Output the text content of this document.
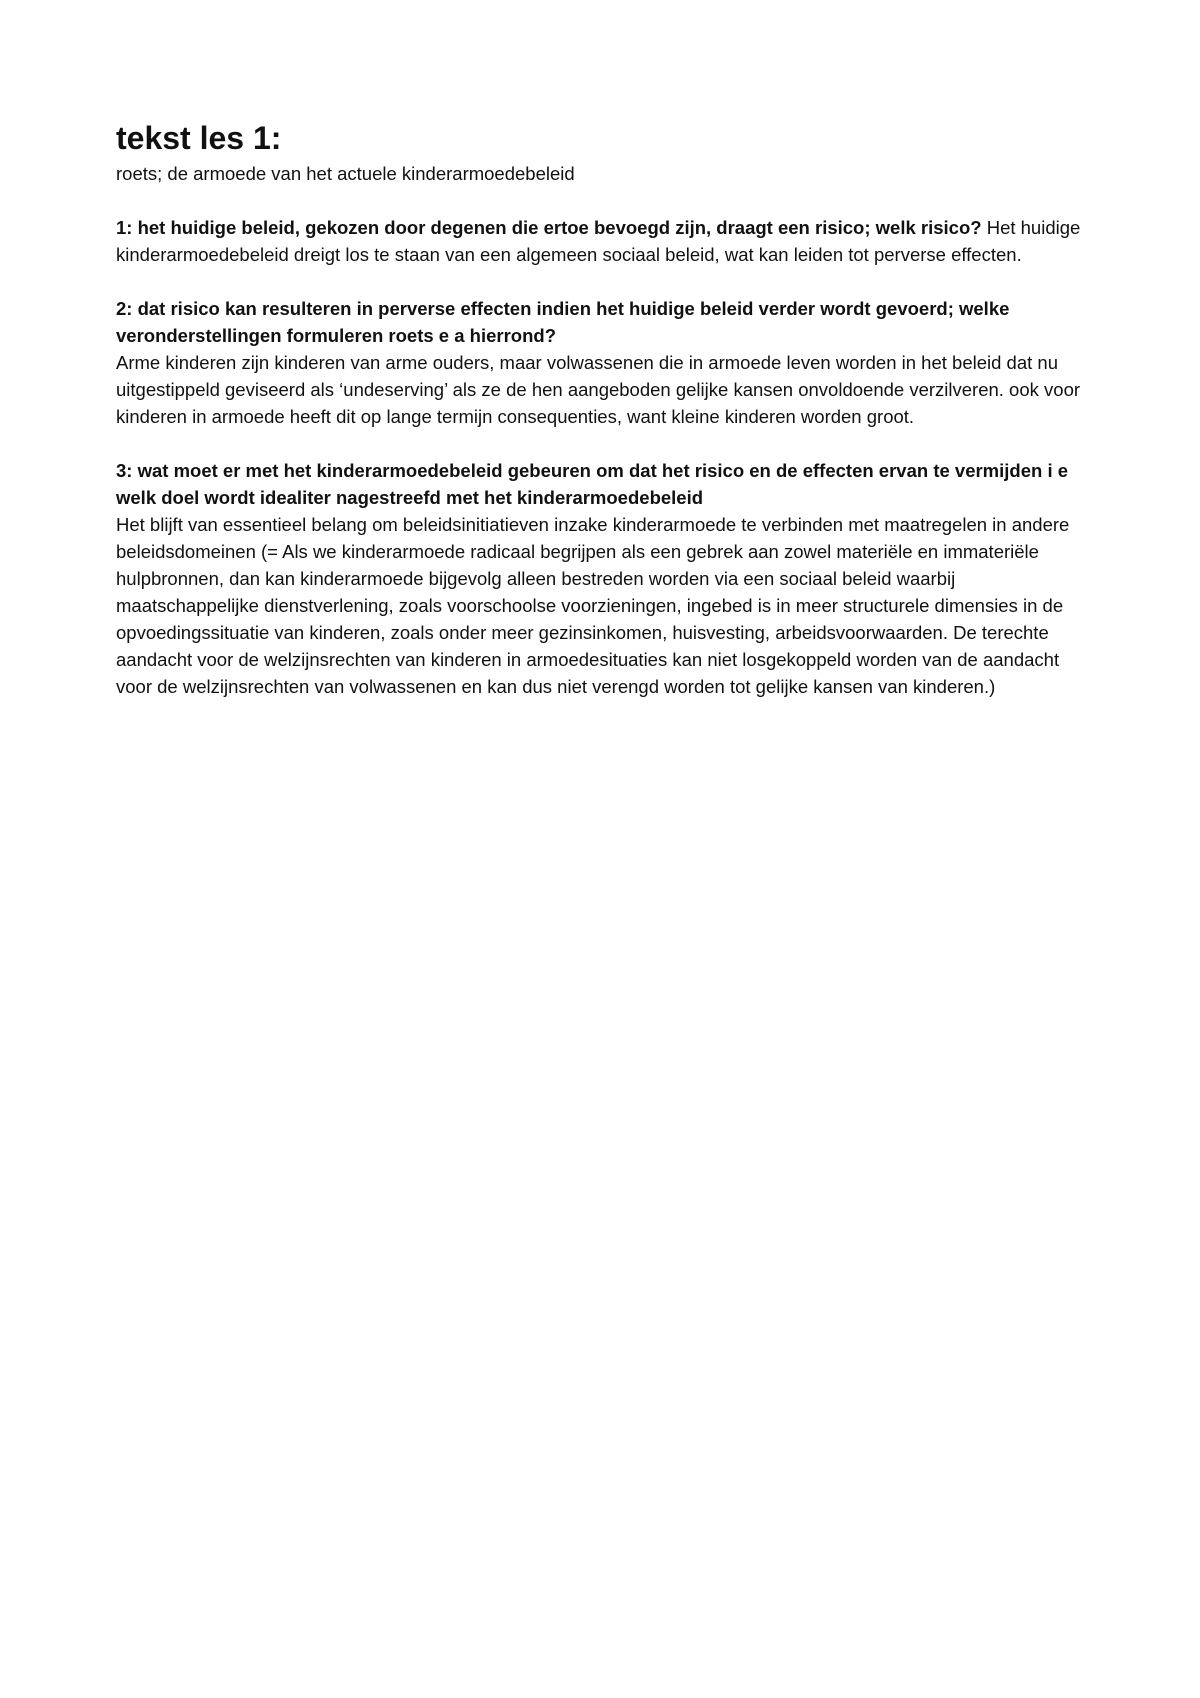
tekst les 1:

roets; de armoede van het actuele kinderarmoedebeleid

1: het huidige beleid, gekozen door degenen die ertoe bevoegd zijn, draagt een risico; welk risico? Het huidige kinderarmoedebeleid dreigt los te staan van een algemeen sociaal beleid, wat kan leiden tot perverse effecten.
2: dat risico kan resulteren in perverse effecten indien het huidige beleid verder wordt gevoerd; welke veronderstellingen formuleren roets e a hierrond?
Arme kinderen zijn kinderen van arme ouders, maar volwassenen die in armoede leven worden in het beleid dat nu uitgestippeld geviseerd als ‘undeserving’ als ze de hen aangeboden gelijke kansen onvoldoende verzilveren. ook voor kinderen in armoede heeft dit op lange termijn consequenties, want kleine kinderen worden groot.
3: wat moet er met het kinderarmoedebeleid gebeuren om dat het risico en de effecten ervan te vermijden i e welk doel wordt idealiter nagestreefd met het kinderarmoedebeleid
Het blijft van essentieel belang om beleidsinitiatieven inzake kinderarmoede te verbinden met maatregelen in andere beleidsdomeinen (= Als we kinderarmoede radicaal begrijpen als een gebrek aan zowel materiële en immateriële hulpbronnen, dan kan kinderarmoede bijgevolg alleen bestreden worden via een sociaal beleid waarbij maatschappelijke dienstverlening, zoals voorschoolse voorzieningen, ingebed is in meer structurele dimensies in de opvoedingssituatie van kinderen, zoals onder meer gezinsinkomen, huisvesting, arbeidsvoorwaarden. De terechte aandacht voor de welzijnsrechten van kinderen in armoedesituaties kan niet losgekoppeld worden van de aandacht voor de welzijnsrechten van volwassenen en kan dus niet verengd worden tot gelijke kansen van kinderen.)
